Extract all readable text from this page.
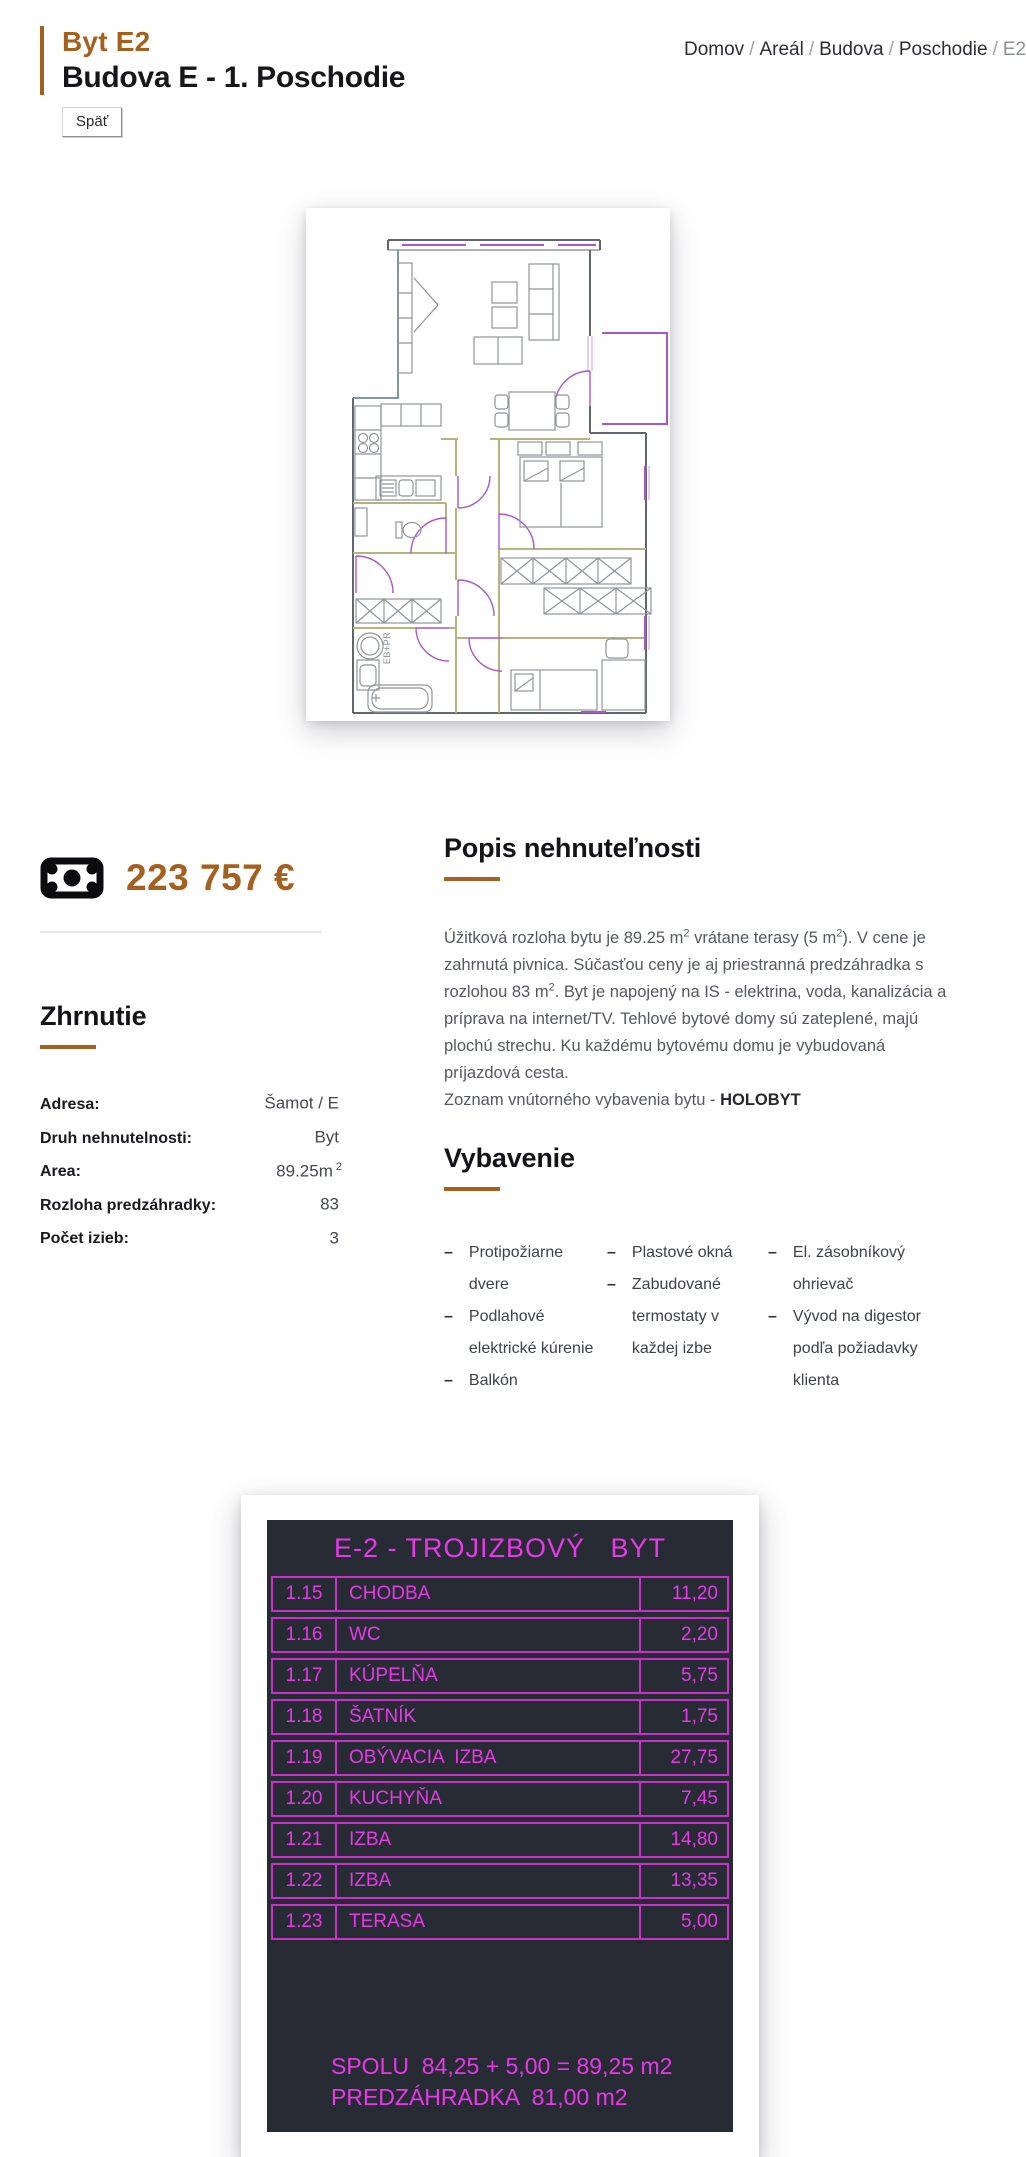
Byt E2
Budova E - 1. Poschodie
Späť
Domov / Areál / Budova / Poschodie / E2
EB+PR
223 757 €
Zhrnutie
Adresa:	Šamot / E
Druh nehnutelnosti:	Byt
Area:	89.25m $^2$
Rozloha predzáhradky:	83
Počet izieb:	3
Popis nehnuteľnosti

Úžitková rozloha bytu je 89.25 $m^2$ vrátane terasy (5 $m^2$). V cene je zahrnutá pivnica. Súčasťou ceny je aj priestranná predzáhradka s rozlohou 83 $m^2$. Byt je napojený na IS - elektrina, voda, kanalizácia a príprava na internet/TV. Tehlové bytové domy sú zateplené, majú plochú strechu. Ku každému bytovému domu je vybudovaná príjazdová cesta.

Zoznam vnútorného vybavenia bytu - HOLOBYT
Vybavenie
– Protipožiarne dvere
– Podlahové elektrické kúrenie
– Balkón
– Plastové okná
– Zabudované termostaty v každej izbe
– El. zásobníkový ohrievač
– Vývod na digestor podľa požiadavky klienta
E-2 - TROJIZBOVÝ   BYT
1.15	CHODBA	11,20
1.16	WC	2,20
1.17	KÚPELŇA	5,75
1.18	ŠATNÍK	1,75
1.19	OBÝVACIA  IZBA	27,75
1.20	KUCHYŇA	7,45
1.21	IZBA	14,80
1.22	IZBA	13,35
1.23	TERASA	5,00

SPOLU  84,25 + 5,00 = 89,25 m2
PREDZÁHRADKA  81,00 m2
